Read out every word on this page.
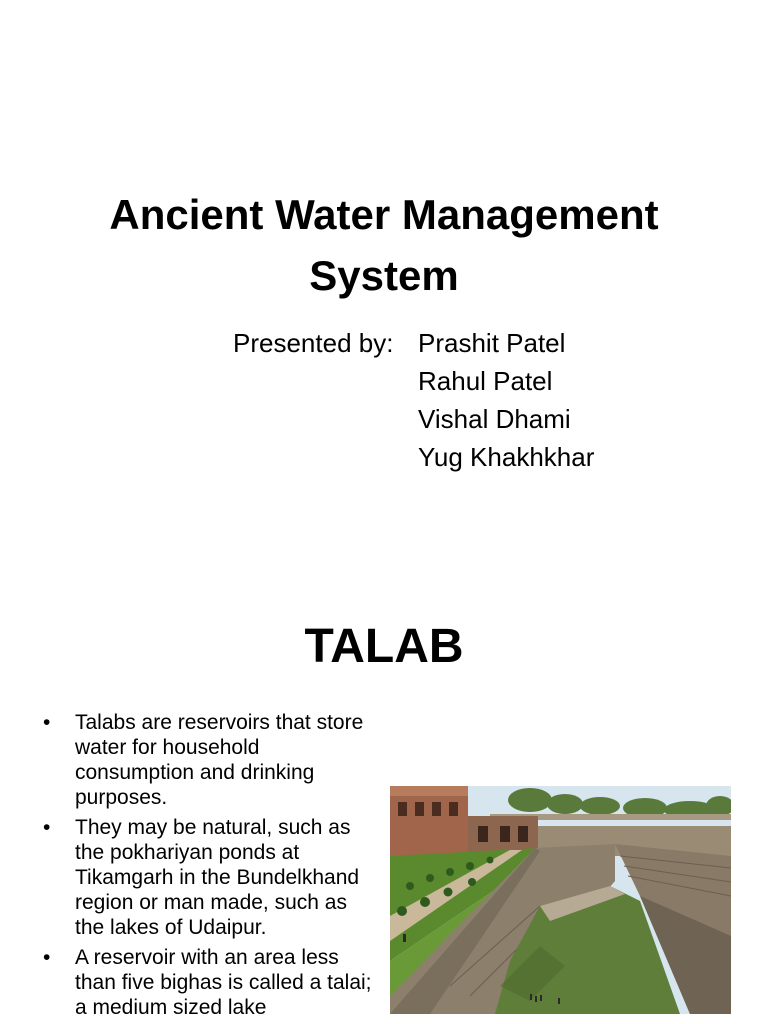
Ancient Water Management
System
Presented by: Prashit Patel
Rahul Patel
Vishal Dhami
Yug Khakhkhar
TALAB
• Talabs are reservoirs that store water for household consumption and drinking purposes.
• They may be natural, such as the pokhariyan ponds at Tikamgarh in the Bundelkhand region or man made, such as the lakes of Udaipur.
• A reservoir with an area less than five bighas is called a talai; a medium sized lake
